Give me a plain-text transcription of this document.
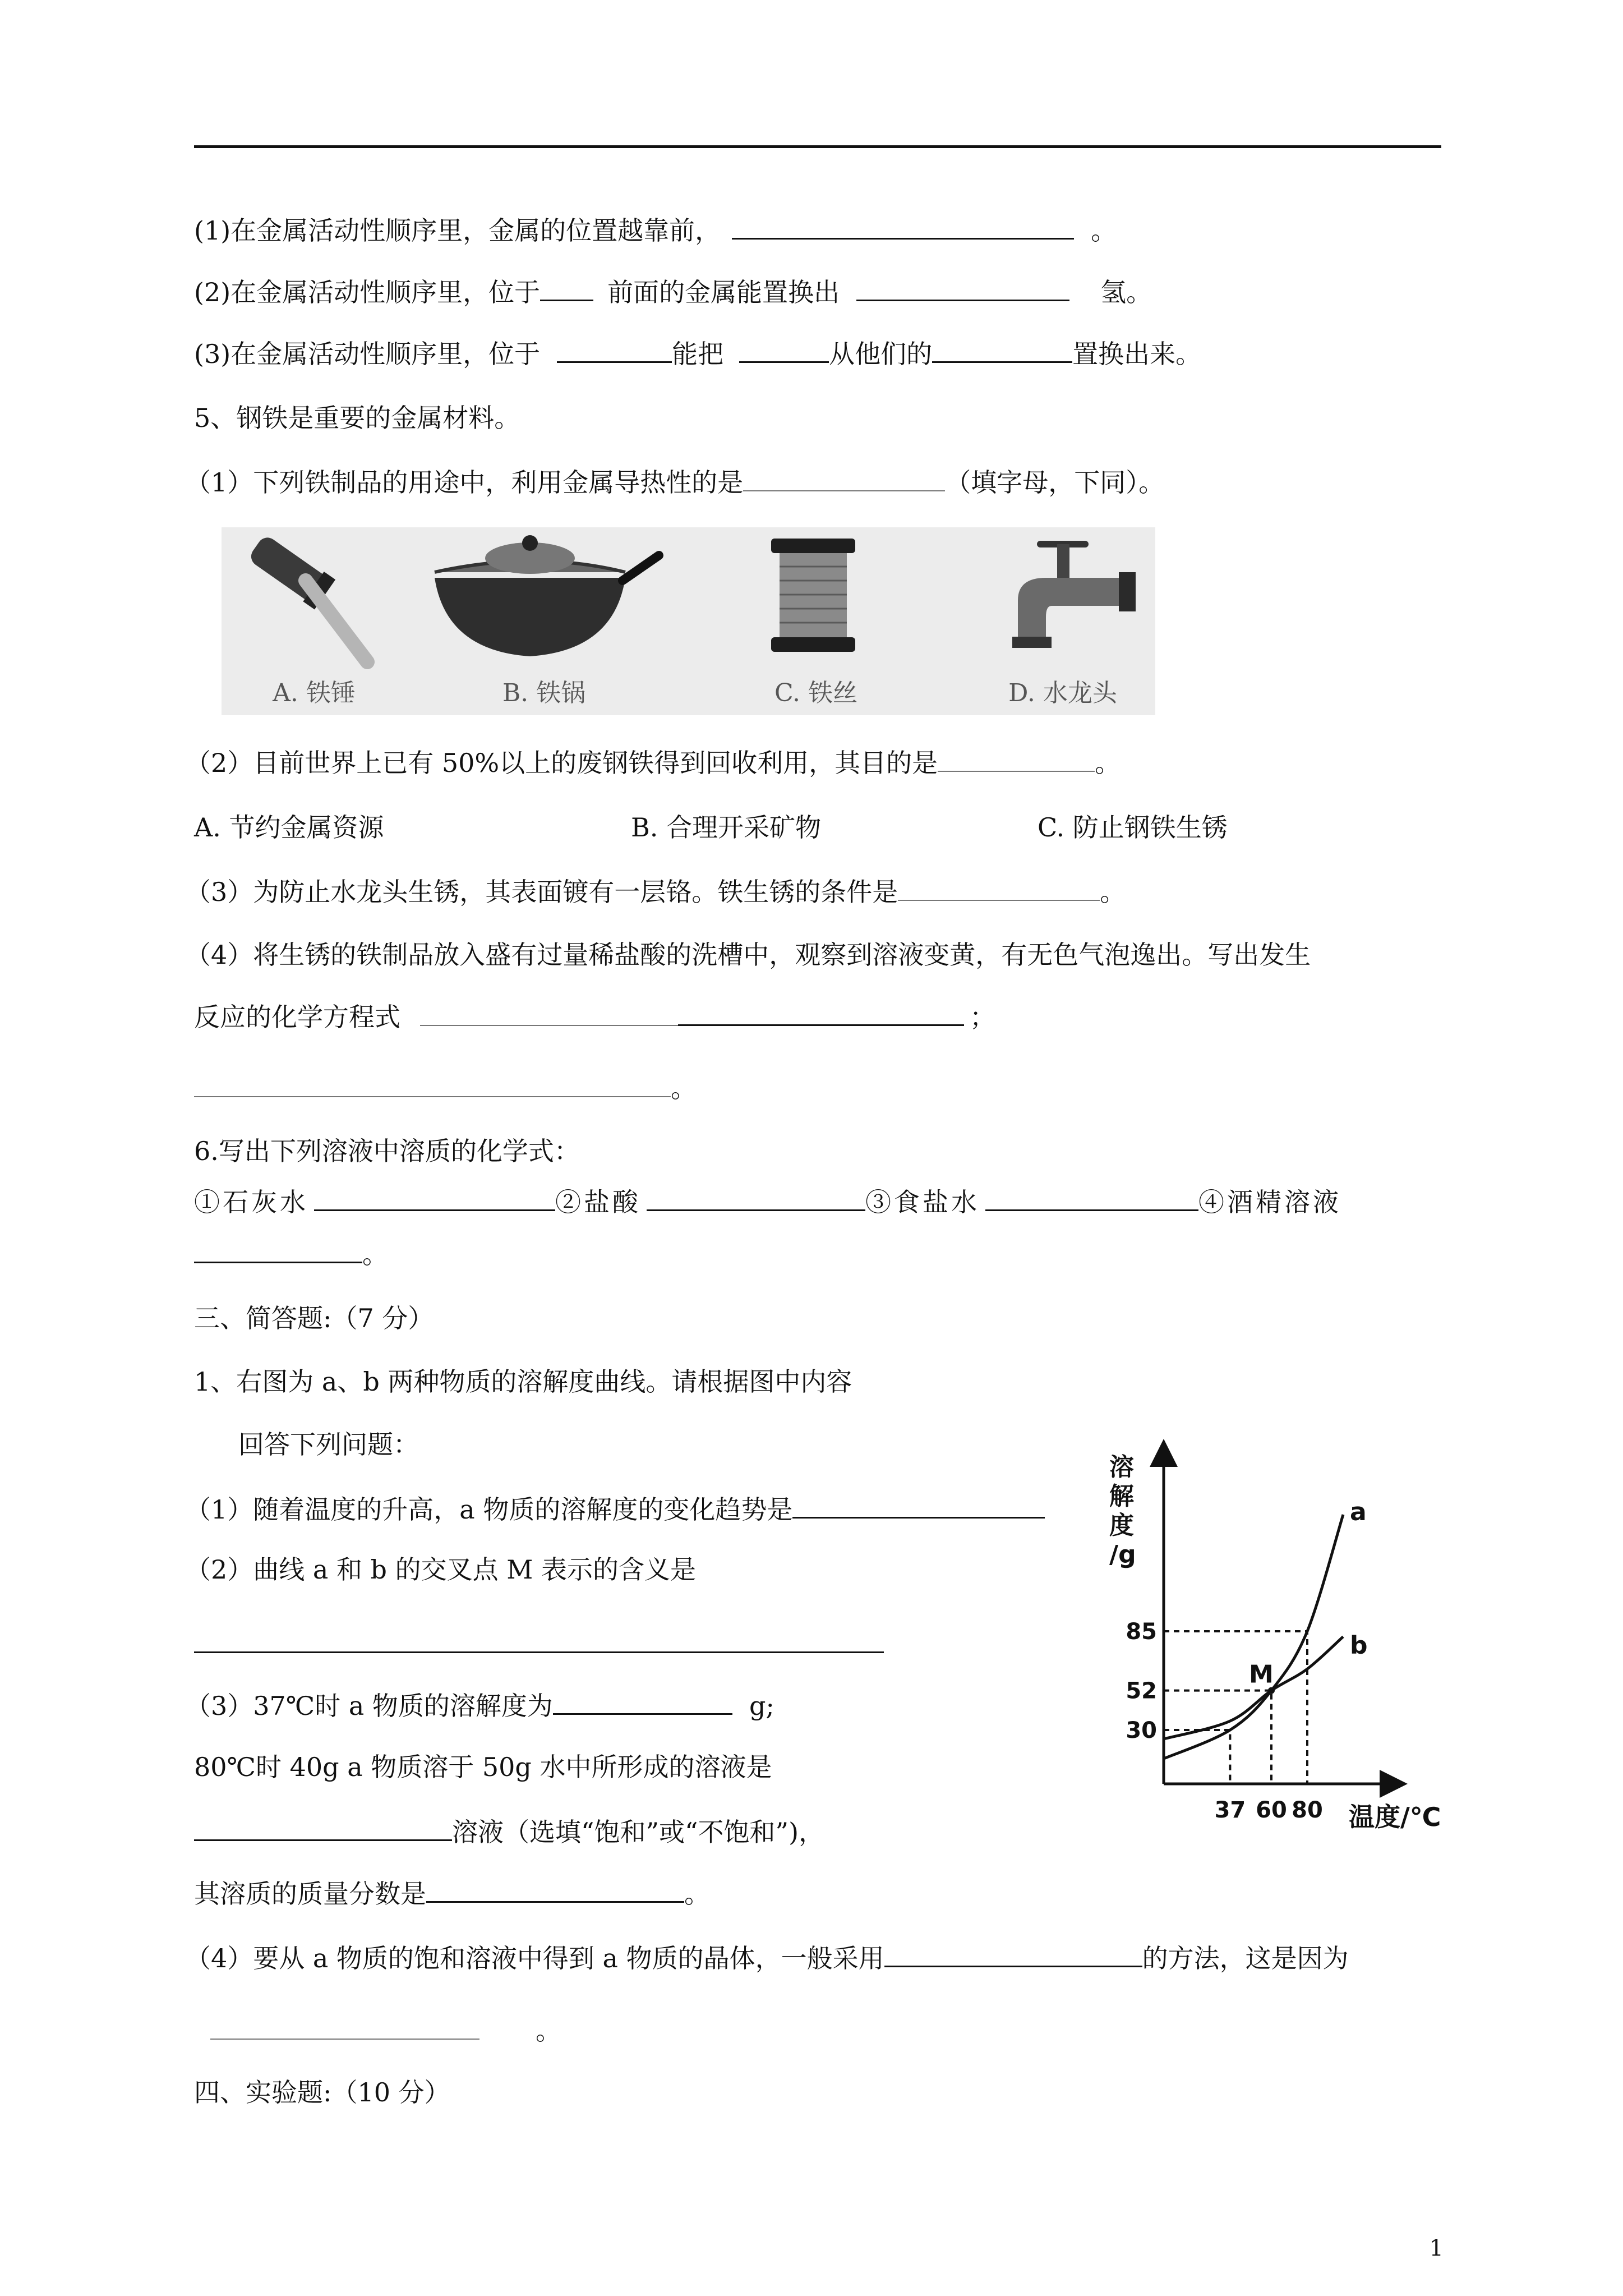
(1)在金属活动性顺序里，金属的位置越靠前，	。
(2)在金属活动性顺序里，位于	前面的金属能置换出	氢。
(3)在金属活动性顺序里，位于	能把	从他们的	置换出来。
5、钢铁是重要的金属材料。
（1）下列铁制品的用途中，利用金属导热性的是	（填字母，下同）。
A. 铁锤	B. 铁锅	C. 铁丝	D. 水龙头
（2）目前世界上已有 50%以上的废钢铁得到回收利用，其目的是	。
A. 节约金属资源	B. 合理开采矿物	C. 防止钢铁生锈
（3）为防止水龙头生锈，其表面镀有一层铬。铁生锈的条件是	。
（4）将生锈的铁制品放入盛有过量稀盐酸的洗槽中，观察到溶液变黄，有无色气泡逸出。写出发生
反应的化学方程式	；
。
6.写出下列溶液中溶质的化学式：
①石灰水	②盐酸	③食盐水	④酒精溶液
。
三、简答题:（7 分）
1、右图为 a、b 两种物质的溶解度曲线。请根据图中内容
回答下列问题：
（1）随着温度的升高，a 物质的溶解度的变化趋势是
（2）曲线 a 和 b 的交叉点 M 表示的含义是
（3）37℃时 a 物质的溶解度为	g;
80℃时 40g a 物质溶于 50g 水中所形成的溶液是
溶液（选填“饱和”或“不饱和”)，
其溶质的质量分数是	。
（4）要从 a 物质的饱和溶液中得到 a 物质的晶体，一般采用	的方法，这是因为
。
四、实验题:（10 分）
1
85
52
30
37 60 80
溶解度/g
温度/℃
a
b
M
